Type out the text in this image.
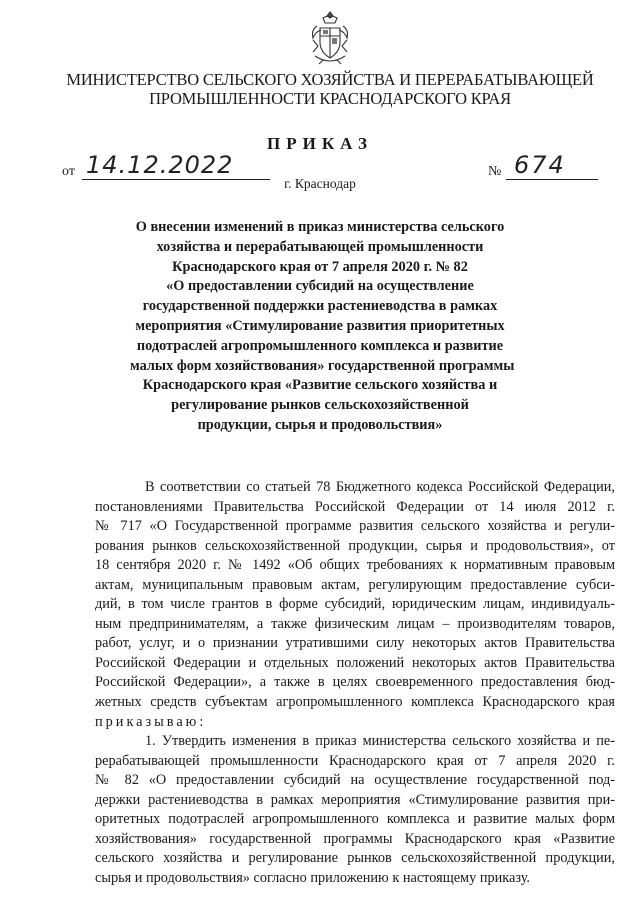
МИНИСТЕРСТВО СЕЛЬСКОГО ХОЗЯЙСТВА И ПЕРЕРАБАТЫВАЮЩЕЙ
ПРОМЫШЛЕННОСТИ КРАСНОДАРСКОГО КРАЯ
ПРИКАЗ
от 14.12.2022	№ 674
г. Краснодар
О внесении изменений в приказ министерства сельского
хозяйства и перерабатывающей промышленности
Краснодарского края от 7 апреля 2020 г. № 82
«О предоставлении субсидий на осуществление
государственной поддержки растениеводства в рамках
мероприятия «Стимулирование развития приоритетных
подотраслей агропромышленного комплекса и развитие
малых форм хозяйствования» государственной программы
Краснодарского края «Развитие сельского хозяйства и
регулирование рынков сельскохозяйственной
продукции, сырья и продовольствия»
В соответствии со статьей 78 Бюджетного кодекса Российской Федерации,
постановлениями Правительства Российской Федерации от 14 июля 2012 г.
№ 717 «О Государственной программе развития сельского хозяйства и регули-
рования рынков сельскохозяйственной продукции, сырья и продовольствия», от
18 сентября 2020 г. № 1492 «Об общих требованиях к нормативным правовым
актам, муниципальным правовым актам, регулирующим предоставление субси-
дий, в том числе грантов в форме субсидий, юридическим лицам, индивидуаль-
ным предпринимателям, а также физическим лицам – производителям товаров,
работ, услуг, и о признании утратившими силу некоторых актов Правительства
Российской Федерации и отдельных положений некоторых актов Правительства
Российской Федерации», а также в целях своевременного предоставления бюд-
жетных средств субъектам агропромышленного комплекса Краснодарского края
приказываю:
1. Утвердить изменения в приказ министерства сельского хозяйства и пе-
рерабатывающей промышленности Краснодарского края от 7 апреля 2020 г.
№ 82 «О предоставлении субсидий на осуществление государственной под-
держки растениеводства в рамках мероприятия «Стимулирование развития при-
оритетных подотраслей агропромышленного комплекса и развитие малых форм
хозяйствования» государственной программы Краснодарского края «Развитие
сельского хозяйства и регулирование рынков сельскохозяйственной продукции,
сырья и продовольствия» согласно приложению к настоящему приказу.
